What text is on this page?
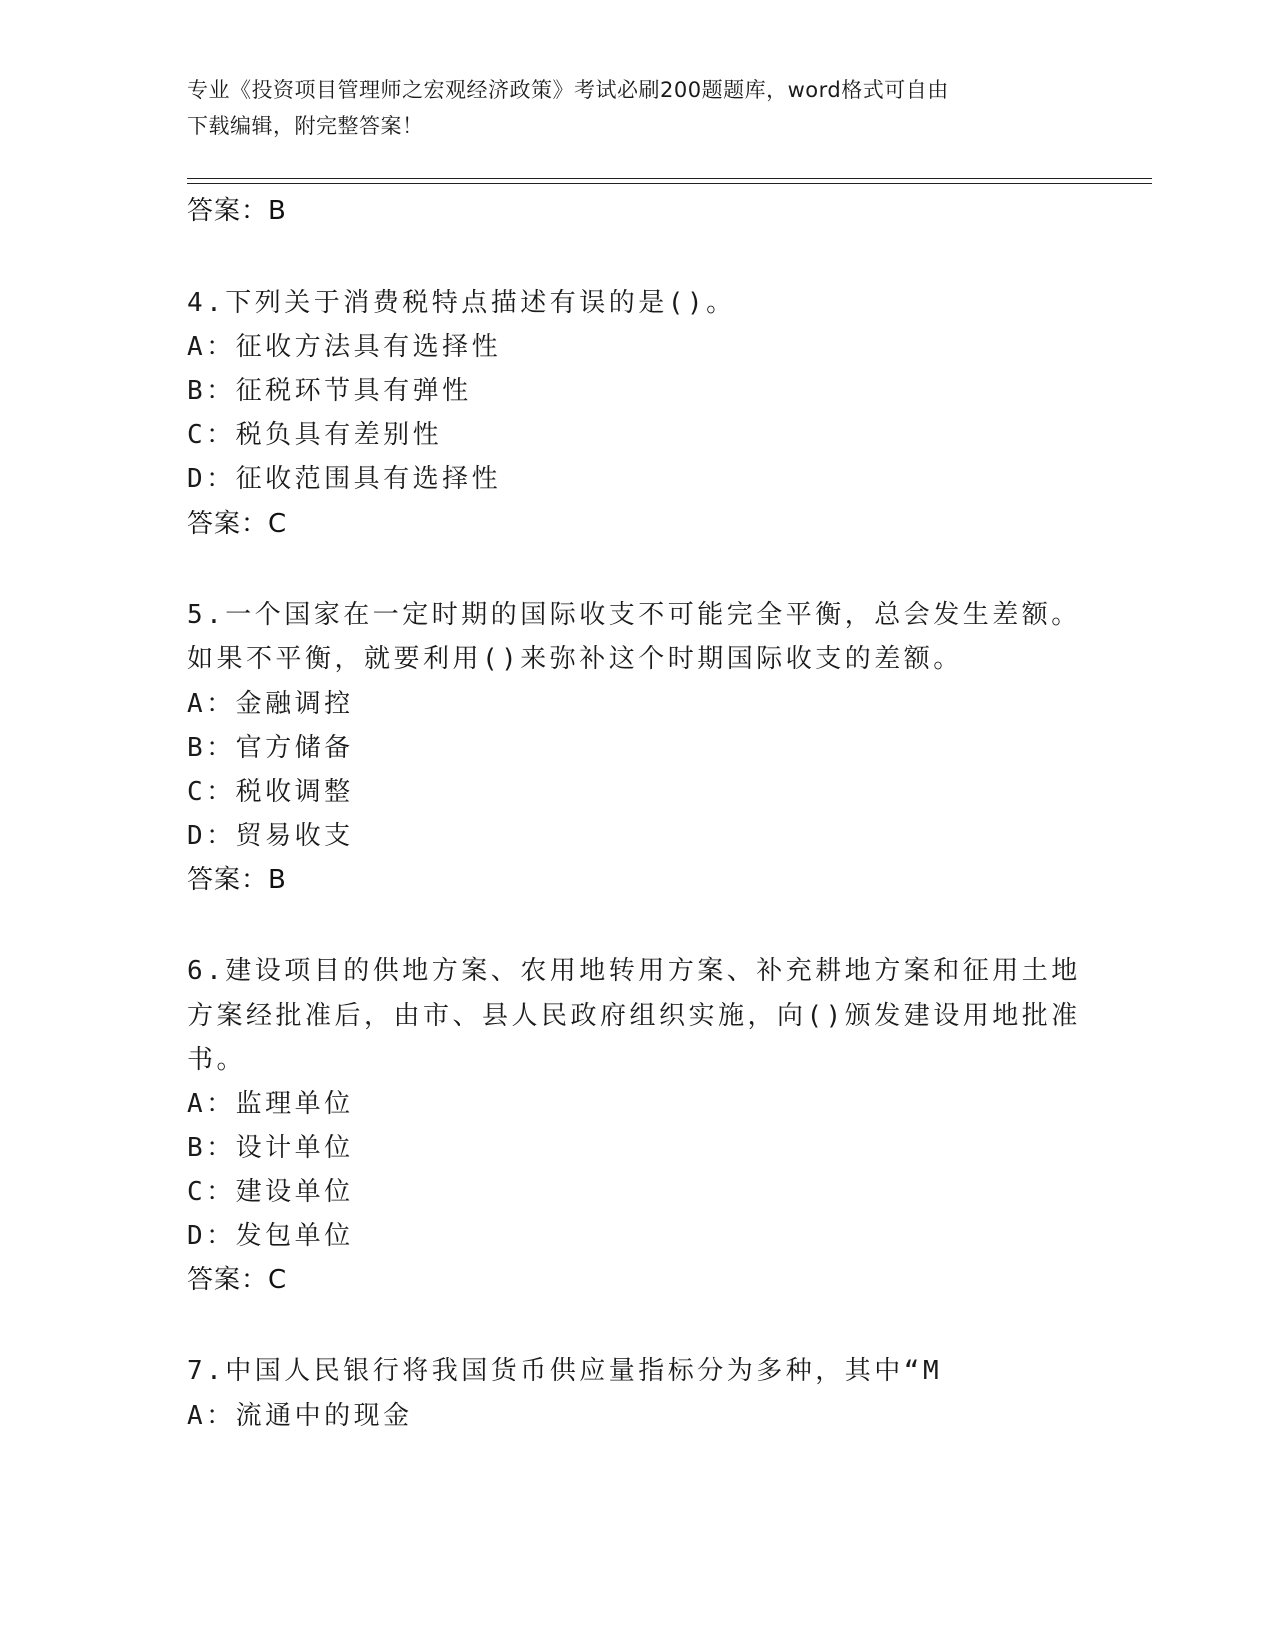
专业《投资项目管理师之宏观经济政策》考试必刷200题题库，word格式可自由
下载编辑，附完整答案！
答案：B
4.下列关于消费税特点描述有误的是()。
A：征收方法具有选择性
B：征税环节具有弹性
C：税负具有差别性
D：征收范围具有选择性
答案：C
5.一个国家在一定时期的国际收支不可能完全平衡，总会发生差额。
如果不平衡，就要利用()来弥补这个时期国际收支的差额。
A：金融调控
B：官方储备
C：税收调整
D：贸易收支
答案：B
6.建设项目的供地方案、农用地转用方案、补充耕地方案和征用土地
方案经批准后，由市、县人民政府组织实施，向()颁发建设用地批准
书。
A：监理单位
B：设计单位
C：建设单位
D：发包单位
答案：C
7.中国人民银行将我国货币供应量指标分为多种，其中“M
A：流通中的现金
